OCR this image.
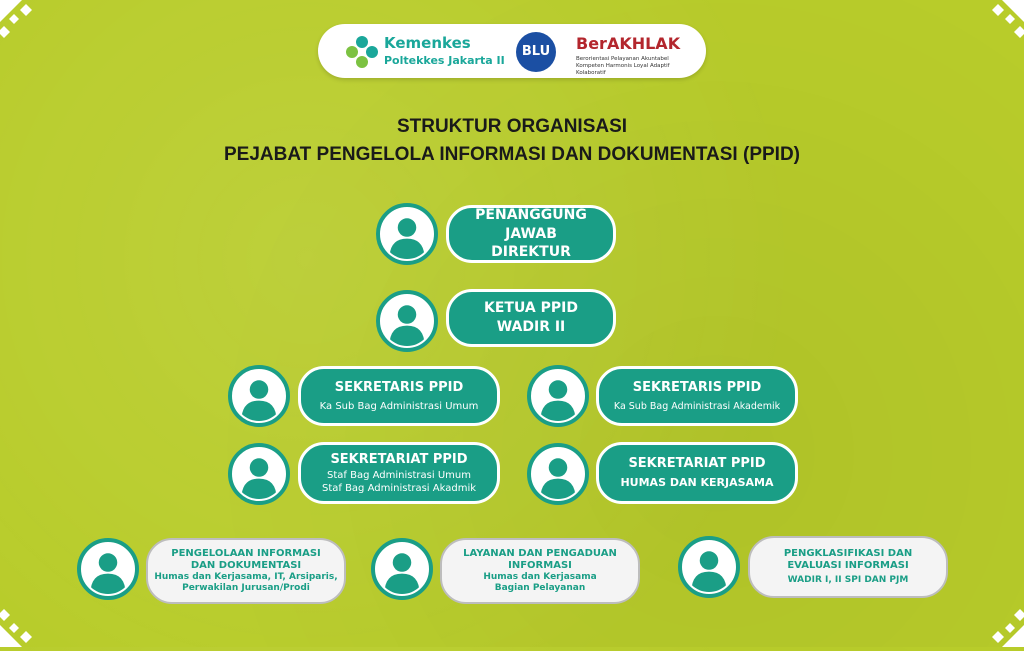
Kemenkes
Poltekkes Jakarta II
BLU	BerAKHLAK
Berorientasi Pelayanan Akuntabel Kompeten Harmonis Loyal Adaptif Kolaboratif
STRUKTUR ORGANISASI
PEJABAT PENGELOLA INFORMASI DAN DOKUMENTASI (PPID)
PENANGGUNG JAWAB
DIREKTUR
KETUA PPID
WADIR II
SEKRETARIS PPID
Ka Sub Bag Administrasi Umum
SEKRETARIS PPID
Ka Sub Bag Administrasi Akademik
SEKRETARIAT PPID
Staf Bag Administrasi Umum
Staf Bag Administrasi Akadmik
SEKRETARIAT PPID
HUMAS DAN KERJASAMA
PENGELOLAAN INFORMASI
DAN DOKUMENTASI
Humas dan Kerjasama, IT, Arsiparis,
Perwakilan Jurusan/Prodi
LAYANAN DAN PENGADUAN
INFORMASI
Humas dan Kerjasama
Bagian Pelayanan
PENGKLASIFIKASI DAN
EVALUASI INFORMASI
WADIR I, II SPI DAN PJM
